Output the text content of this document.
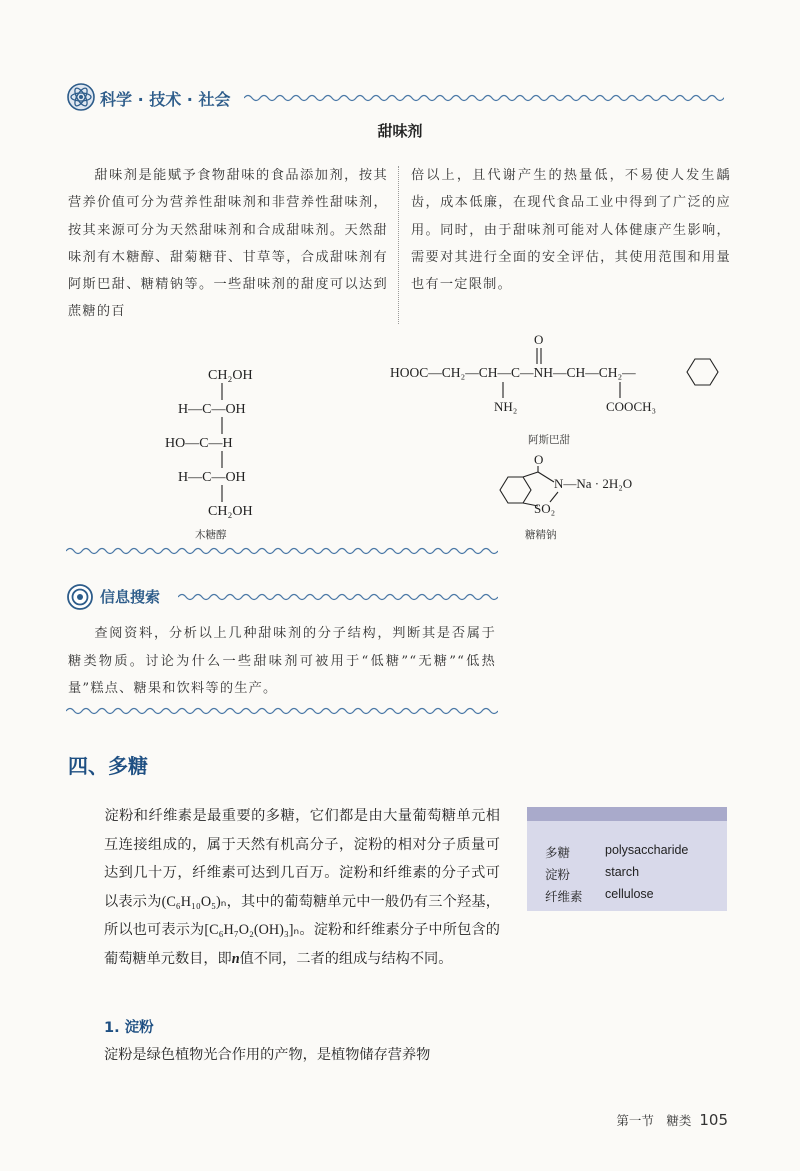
科学 · 技术 · 社会
甜味剂
甜味剂是能赋予食物甜味的食品添加剂，按其营养价值可分为营养性甜味剂和非营养性甜味剂，按其来源可分为天然甜味剂和合成甜味剂。天然甜味剂有木糖醇、甜菊糖苷、甘草等，合成甜味剂有阿斯巴甜、糖精钠等。一些甜味剂的甜度可以达到蔗糖的百
倍以上，且代谢产生的热量低，不易使人发生龋齿，成本低廉，在现代食品工业中得到了广泛的应用。同时，由于甜味剂可能对人体健康产生影响，需要对其进行全面的安全评估，其使用范围和用量也有一定限制。
CH₂OH
H—C—OH
HO—C—H
H—C—OH
CH₂OH
木糖醇
O
HOOC—CH₂—CH—C—NH—CH—CH₂—
NH₂	COOCH₃
阿斯巴甜
O
N—Na · 2H₂O
SO₂
糖精钠
信息搜索
查阅资料，分析以上几种甜味剂的分子结构，判断其是否属于糖类物质。讨论为什么一些甜味剂可被用于“低糖”“无糖”“低热量”糕点、糖果和饮料等的生产。
四、多糖
淀粉和纤维素是最重要的多糖，它们都是由大量葡萄糖单元相互连接组成的，属于天然有机高分子，淀粉的相对分子质量可达到几十万，纤维素可达到几百万。淀粉和纤维素的分子式可以表示为(C₆H₁₀O₅)ₙ，其中的葡萄糖单元中一般仍有三个羟基，所以也可表示为[C₆H₇O₂(OH)₃]ₙ。淀粉和纤维素分子中所包含的葡萄糖单元数目，即n值不同，二者的组成与结构不同。
多糖	polysaccharide
淀粉	starch
纤维素 cellulose
1. 淀粉
淀粉是绿色植物光合作用的产物，是植物储存营养物
第一节　糖类 105
